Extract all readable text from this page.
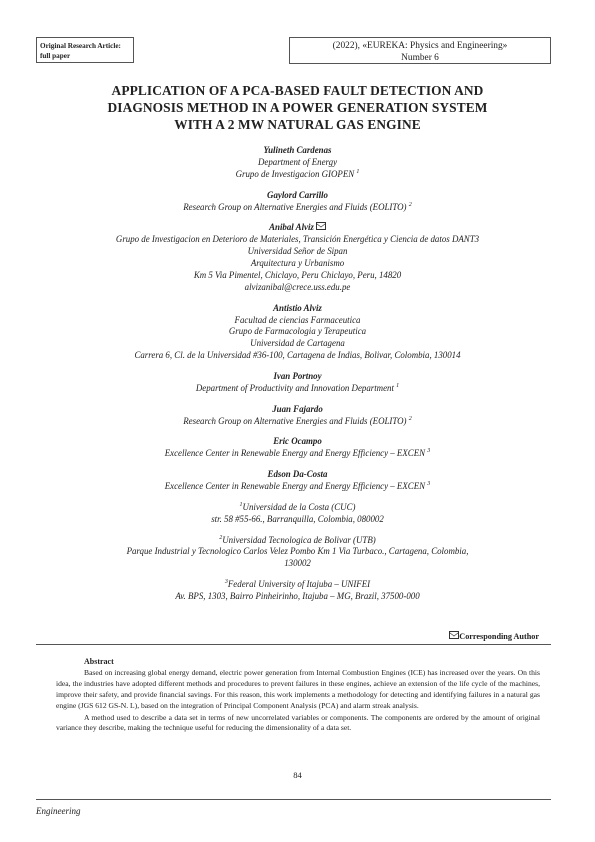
Original Research Article:
full paper
(2022), «EUREKA: Physics and Engineering»
Number 6
APPLICATION OF A PCA-BASED FAULT DETECTION AND
DIAGNOSIS METHOD IN A POWER GENERATION SYSTEM
WITH A 2 MW NATURAL GAS ENGINE
Yulineth Cardenas
Department of Energy
Grupo de Investigacion GIOPEN $^1$
Gaylord Carrillo
Research Group on Alternative Energies and Fluids (EOLITO) $^2$
Anibal Alviz
Grupo de Investigacion en Deterioro de Materiales, Transición Energética y Ciencia de datos DANT3
Universidad Señor de Sipan
Arquitectura y Urbanismo
Km 5 Via Pimentel, Chiclayo, Peru Chiclayo, Peru, 14820
alvizanibal@crece.uss.edu.pe
Antistio Alviz
Facultad de ciencias Farmaceutica
Grupo de Farmacologia y Terapeutica
Universidad de Cartagena
Carrera 6, Cl. de la Universidad #36-100, Cartagena de Indias, Bolivar, Colombia, 130014
Ivan Portnoy
Department of Productivity and Innovation Department $^1$
Juan Fajardo
Research Group on Alternative Energies and Fluids (EOLITO) $^2$
Eric Ocampo
Excellence Center in Renewable Energy and Energy Efficiency – EXCEN $^3$
Edson Da-Costa
Excellence Center in Renewable Energy and Energy Efficiency – EXCEN $^3$
$^1$Universidad de la Costa (CUC)
str. 58 #55-66., Barranquilla, Colombia, 080002
$^2$Universidad Tecnologica de Bolivar (UTB)
Parque Industrial y Tecnologico Carlos Velez Pombo Km 1 Via Turbaco., Cartagena, Colombia,
130002
$^3$Federal University of Itajuba – UNIFEI
Av. BPS, 1303, Bairro Pinheirinho, Itajuba – MG, Brazil, 37500-000
Corresponding Author
Abstract

Based on increasing global energy demand, electric power generation from Internal Combustion Engines (ICE) has increased over the years. On this idea, the industries have adopted different methods and procedures to prevent failures in these engines, achieve an extension of the life cycle of the machines, improve their safety, and provide financial savings. For this reason, this work implements a methodology for detecting and identifying failures in a natural gas engine (JGS 612 GS-N. L), based on the integration of Principal Component Analysis (PCA) and alarm streak analysis.

A method used to describe a data set in terms of new uncorrelated variables or components. The components are ordered by the amount of original variance they describe, making the technique useful for reducing the dimensionality of a data set.

84
Engineering
